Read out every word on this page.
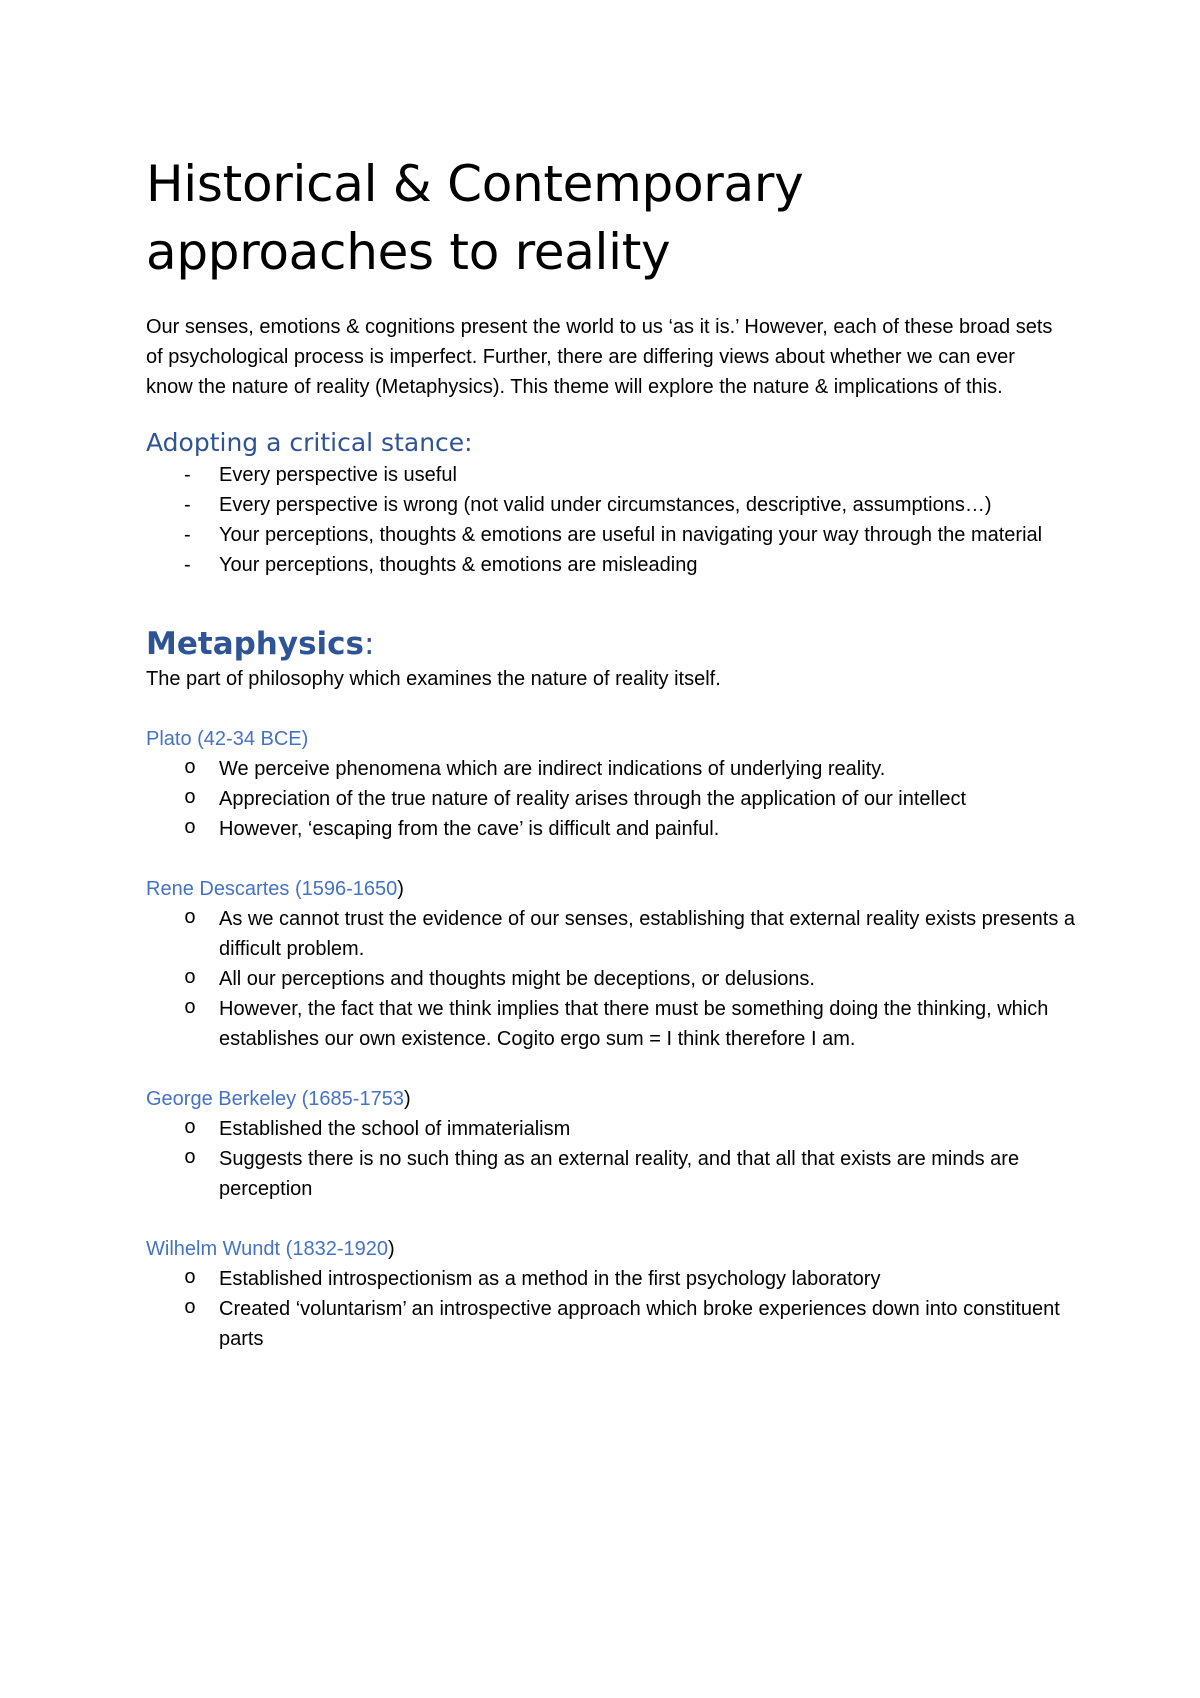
Historical & Contemporary
approaches to reality

Our senses, emotions & cognitions present the world to us ‘as it is.’ However, each of these broad sets of psychological process is imperfect. Further, there are differing views about whether we can ever know the nature of reality (Metaphysics). This theme will explore the nature & implications of this.

Adopting a critical stance:
- Every perspective is useful
- Every perspective is wrong (not valid under circumstances, descriptive, assumptions…)
- Your perceptions, thoughts & emotions are useful in navigating your way through the material
- Your perceptions, thoughts & emotions are misleading
Metaphysics:

The part of philosophy which examines the nature of reality itself.

Plato (42-34 BCE)

o We perceive phenomena which are indirect indications of underlying reality.
o Appreciation of the true nature of reality arises through the application of our intellect
o However, ‘escaping from the cave’ is difficult and painful.

Rene Descartes (1596-1650)

o As we cannot trust the evidence of our senses, establishing that external reality exists presents a difficult problem.
o All our perceptions and thoughts might be deceptions, or delusions.
o However, the fact that we think implies that there must be something doing the thinking, which establishes our own existence. Cogito ergo sum = I think therefore I am.

George Berkeley (1685-1753)

o Established the school of immaterialism
o Suggests there is no such thing as an external reality, and that all that exists are minds are perception

Wilhelm Wundt (1832-1920)

o Established introspectionism as a method in the first psychology laboratory
o Created ‘voluntarism’ an introspective approach which broke experiences down into constituent parts
